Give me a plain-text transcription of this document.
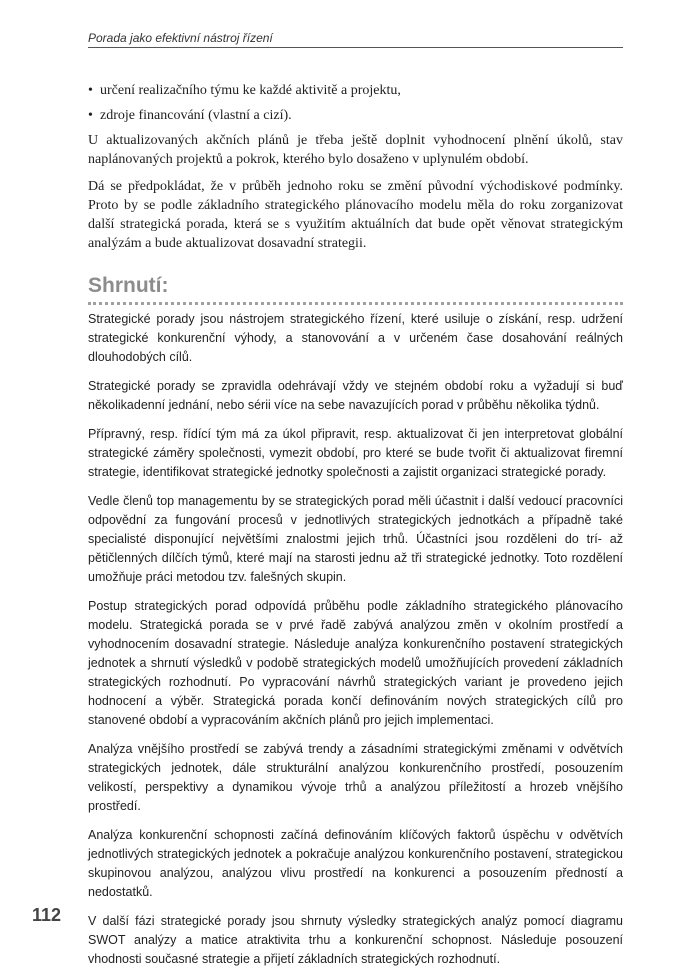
Porada jako efektivní nástroj řízení
• určení realizačního týmu ke každé aktivitě a projektu,
• zdroje financování (vlastní a cizí).

U aktualizovaných akčních plánů je třeba ještě doplnit vyhodnocení plnění úkolů, stav naplánovaných projektů a pokrok, kterého bylo dosaženo v uplynulém období.

Dá se předpokládat, že v průběh jednoho roku se změní původní východiskové podmínky. Proto by se podle základního strategického plánovacího modelu měla do roku zorganizovat další strategická porada, která se s využitím aktuálních dat bude opět věnovat strategickým analýzám a bude aktualizovat dosavadní strategii.

Shrnutí:

Strategické porady jsou nástrojem strategického řízení, které usiluje o získání, resp. udržení strategické konkurenční výhody, a stanovování a v určeném čase dosahování reálných dlouhodobých cílů.

Strategické porady se zpravidla odehrávají vždy ve stejném období roku a vyžadují si buď několikadenní jednání, nebo sérii více na sebe navazujících porad v průběhu několika týdnů.

Přípravný, resp. řídící tým má za úkol připravit, resp. aktualizovat či jen interpretovat globální strategické záměry společnosti, vymezit období, pro které se bude tvořit či aktualizovat firemní strategie, identifikovat strategické jednotky společnosti a zajistit organizaci strategické porady.

Vedle členů top managementu by se strategických porad měli účastnit i další vedoucí pracovníci odpovědní za fungování procesů v jednotlivých strategických jednotkách a případně také specialisté disponující největšími znalostmi jejich trhů. Účastníci jsou rozděleni do trí- až pětičlenných dílčích týmů, které mají na starosti jednu až tři strategické jednotky. Toto rozdělení umožňuje práci metodou tzv. falešných skupin.

Postup strategických porad odpovídá průběhu podle základního strategického plánovacího modelu. Strategická porada se v prvé řadě zabývá analýzou změn v okolním prostředí a vyhodnocením dosavadní strategie. Následuje analýza konkurenčního postavení strategických jednotek a shrnutí výsledků v podobě strategických modelů umožňujících provedení základních strategických rozhodnutí. Po vypracování návrhů strategických variant je provedeno jejich hodnocení a výběr. Strategická porada končí definováním nových strategických cílů pro stanovené období a vypracováním akčních plánů pro jejich implementaci.

Analýza vnějšího prostředí se zabývá trendy a zásadními strategickými změnami v odvětvích strategických jednotek, dále strukturální analýzou konkurenčního prostředí, posouzením velikostí, perspektivy a dynamikou vývoje trhů a analýzou příležitostí a hrozeb vnějšího prostředí.

Analýza konkurenční schopnosti začíná definováním klíčových faktorů úspěchu v odvětvích jednotlivých strategických jednotek a pokračuje analýzou konkurenčního postavení, strategickou skupinovou analýzou, analýzou vlivu prostředí na konkurenci a posouzením předností a nedostatků.

V další fázi strategické porady jsou shrnuty výsledky strategických analýz pomocí diagramu SWOT analýzy a matice atraktivita trhu a konkurenční schopnost. Následuje posouzení vhodnosti současné strategie a přijetí základních strategických rozhodnutí.

112
